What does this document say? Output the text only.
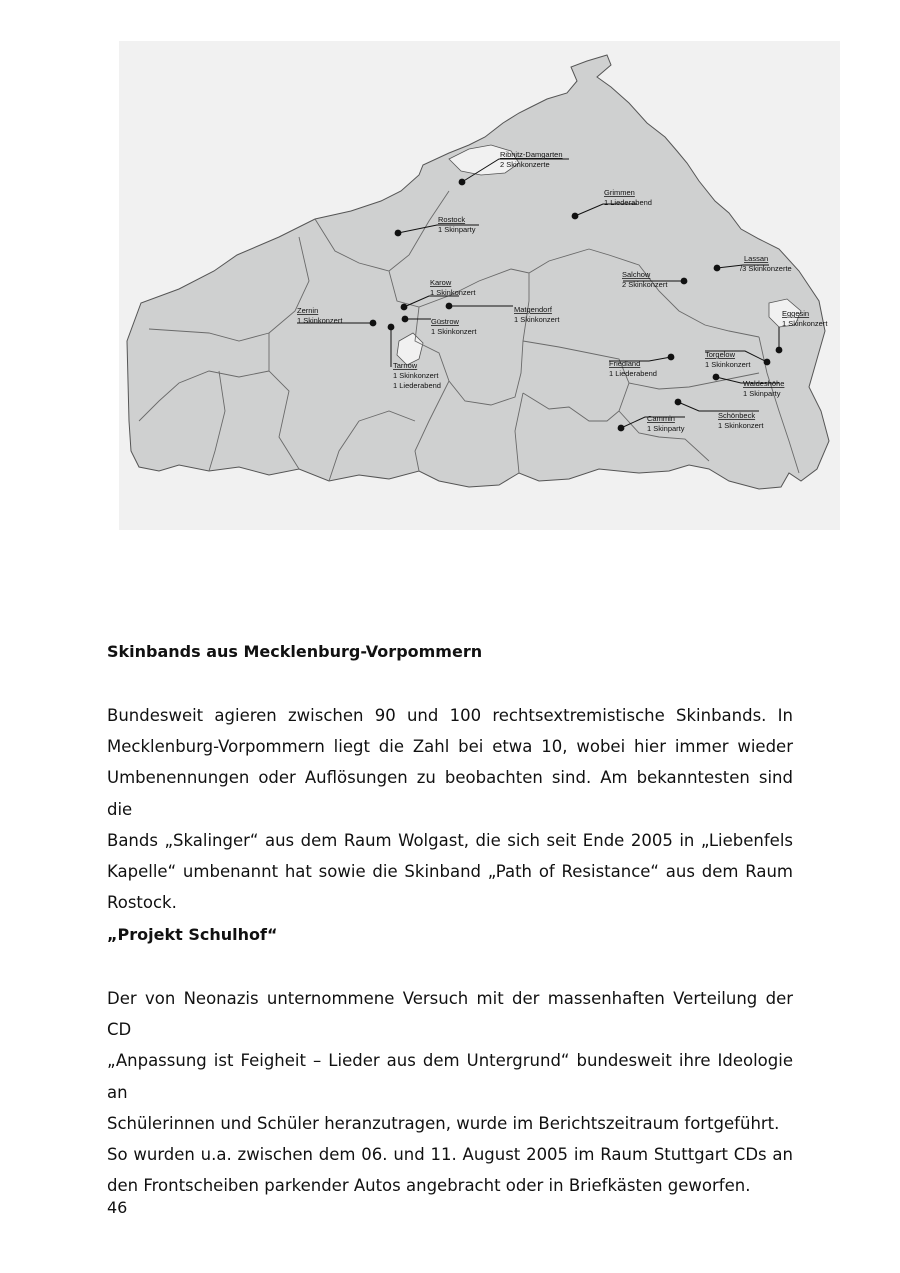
Ribnitz-Damgarten
2 Skinkonzerte
Grimmen
1 Liederabend
Rostock
1 Skinparty
Lassan
/3 Skinkonzerte
Salchow
2 Skinkonzert
Karow
1 Skinkonzert
Matgendorf
1 Skinkonzert
Zernin
1 Skinkonzert	Güstrow
1 Skinkonzert
Eggesin
1 Skinkonzert
Tarnow
1 Skinkonzert
1 Liederabend
Friedland
1 Liederabend
Torgelow
1 Skinkonzert
Waldeshöhe
1 Skinparty
Schönbeck
1 Skinkonzert
Cammin
1 Skinparty
Skinbands aus Mecklenburg-Vorpommern
Bundesweit agieren zwischen 90 und 100 rechtsextremistische Skinbands. In
Mecklenburg-Vorpommern liegt die Zahl bei etwa 10, wobei hier immer wieder
Umbenennungen oder Auflösungen zu beobachten sind. Am bekanntesten sind die
Bands „Skalinger“ aus dem Raum Wolgast, die sich seit Ende 2005 in „Liebenfels
Kapelle“ umbenannt hat sowie die Skinband „Path of Resistance“ aus dem Raum
Rostock.
„Projekt Schulhof“
Der von Neonazis unternommene Versuch mit der massenhaften Verteilung der CD
„Anpassung ist Feigheit – Lieder aus dem Untergrund“ bundesweit ihre Ideologie an
Schülerinnen und Schüler heranzutragen, wurde im Berichtszeitraum fortgeführt.
So wurden u.a. zwischen dem 06. und 11. August 2005 im Raum Stuttgart CDs an
den Frontscheiben parkender Autos angebracht oder in Briefkästen geworfen.
46
